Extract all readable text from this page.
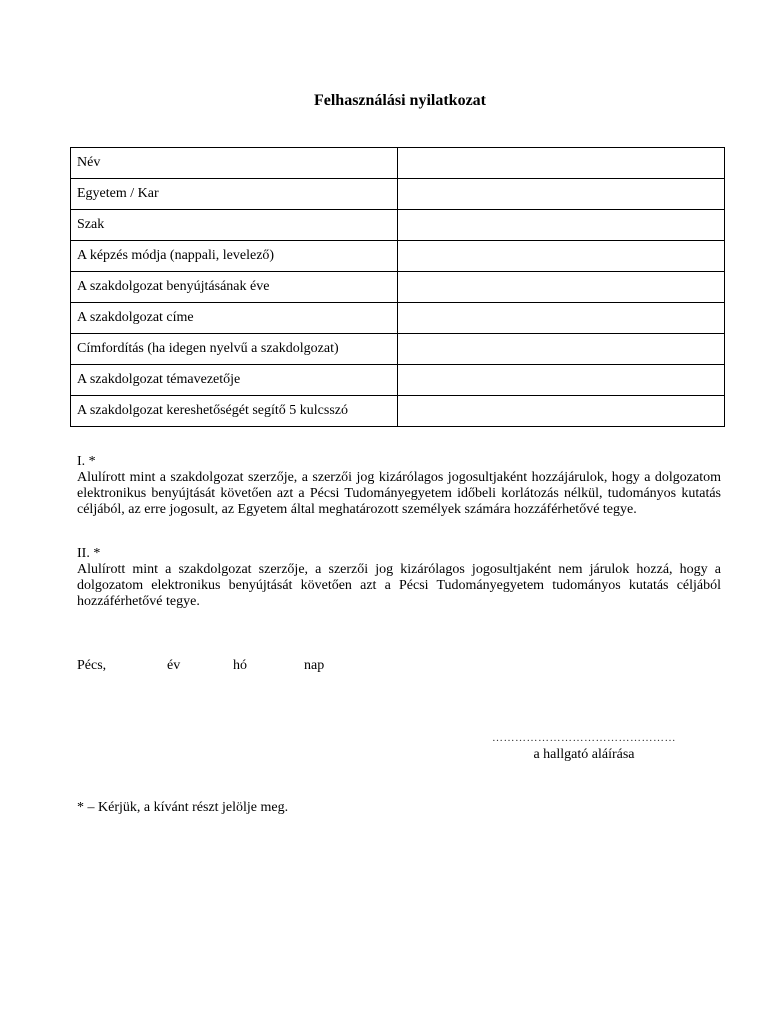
Felhasználási nyilatkozat
Név	
Egyetem / Kar	
Szak	
A képzés módja (nappali, levelező)	
A szakdolgozat benyújtásának éve	
A szakdolgozat címe	
Címfordítás (ha idegen nyelvű a szakdolgozat)	
A szakdolgozat témavezetője	
A szakdolgozat kereshetőségét segítő 5 kulcsszó	
I. *
Alulírott mint a szakdolgozat szerzője, a szerzői jog kizárólagos jogosultjaként hozzájárulok, hogy a dolgozatom elektronikus benyújtását követően azt a Pécsi Tudományegyetem időbeli korlátozás nélkül, tudományos kutatás céljából, az erre jogosult, az Egyetem által meghatározott személyek számára hozzáférhetővé tegye.
II. *
Alulírott mint a szakdolgozat szerzője, a szerzői jog kizárólagos jogosultjaként nem járulok hozzá, hogy a dolgozatom elektronikus benyújtását követően azt a Pécsi Tudományegyetem tudományos kutatás céljából hozzáférhetővé tegye.
Pécs,	év	hó	nap
…………………………………………
a hallgató aláírása
* – Kérjük, a kívánt részt jelölje meg.
